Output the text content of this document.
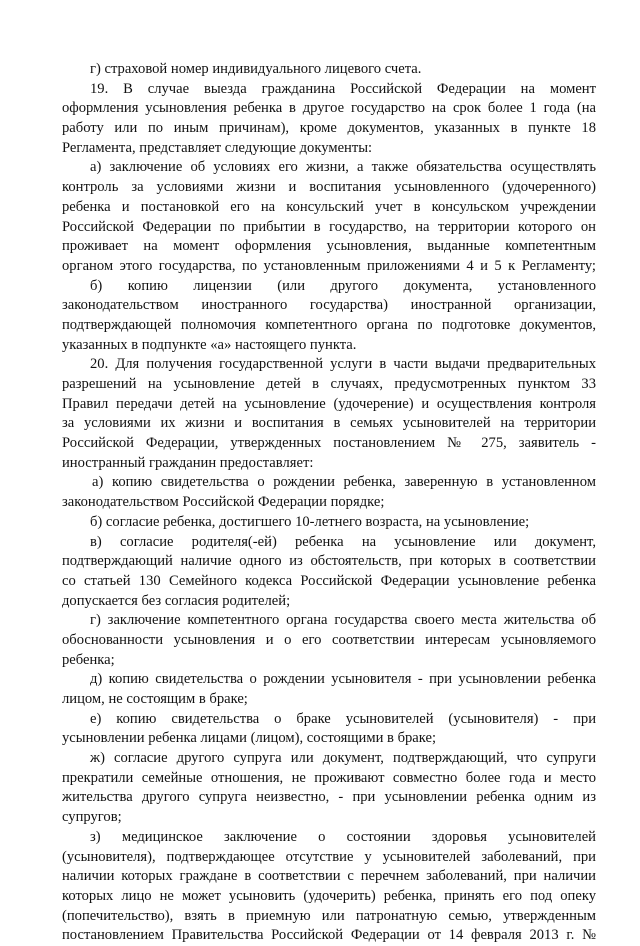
г) страховой номер индивидуального лицевого счета.
19. В случае выезда гражданина Российской Федерации на момент
оформления усыновления ребенка в другое государство на срок более 1 года (на
работу или по иным причинам), кроме документов, указанных в пункте 18
Регламента, представляет следующие документы:
а) заключение об условиях его жизни, а также обязательства осуществлять
контроль за условиями жизни и воспитания усыновленного (удочеренного)
ребенка и постановкой его на консульский учет в консульском учреждении
Российской Федерации по прибытии в государство, на территории которого он
проживает на момент оформления усыновления, выданные компетентным
органом этого государства, по установленным приложениями 4 и 5 к Регламенту;
б) копию лицензии (или другого документа, установленного
законодательством иностранного государства) иностранной организации,
подтверждающей полномочия компетентного органа по подготовке документов,
указанных в подпункте «а» настоящего пункта.
20. Для получения государственной услуги в части выдачи предварительных
разрешений на усыновление детей в случаях, предусмотренных пунктом 33
Правил передачи детей на усыновление (удочерение) и осуществления контроля
за условиями их жизни и воспитания в семьях усыновителей на территории
Российской Федерации, утвержденных постановлением № 275, заявитель -
иностранный гражданин предоставляет:
а) копию свидетельства о рождении ребенка, заверенную в установленном
законодательством Российской Федерации порядке;
б) согласие ребенка, достигшего 10-летнего возраста, на усыновление;
в) согласие родителя(-ей) ребенка на усыновление или документ,
подтверждающий наличие одного из обстоятельств, при которых в соответствии
со статьей 130 Семейного кодекса Российской Федерации усыновление ребенка
допускается без согласия родителей;
г) заключение компетентного органа государства своего места жительства об
обоснованности усыновления и о его соответствии интересам усыновляемого
ребенка;
д) копию свидетельства о рождении усыновителя - при усыновлении ребенка
лицом, не состоящим в браке;
е) копию свидетельства о браке усыновителей (усыновителя) - при
усыновлении ребенка лицами (лицом), состоящими в браке;
ж) согласие другого супруга или документ, подтверждающий, что супруги
прекратили семейные отношения, не проживают совместно более года и место
жительства другого супруга неизвестно, - при усыновлении ребенка одним из
супругов;
з) медицинское заключение о состоянии здоровья усыновителей
(усыновителя), подтверждающее отсутствие у усыновителей заболеваний, при
наличии которых граждане в соответствии с перечнем заболеваний, при наличии
которых лицо не может усыновить (удочерить) ребенка, принять его под опеку
(попечительство), взять в приемную или патронатную семью, утвержденным
постановлением Правительства Российской Федерации от 14 февраля 2013 г. №
